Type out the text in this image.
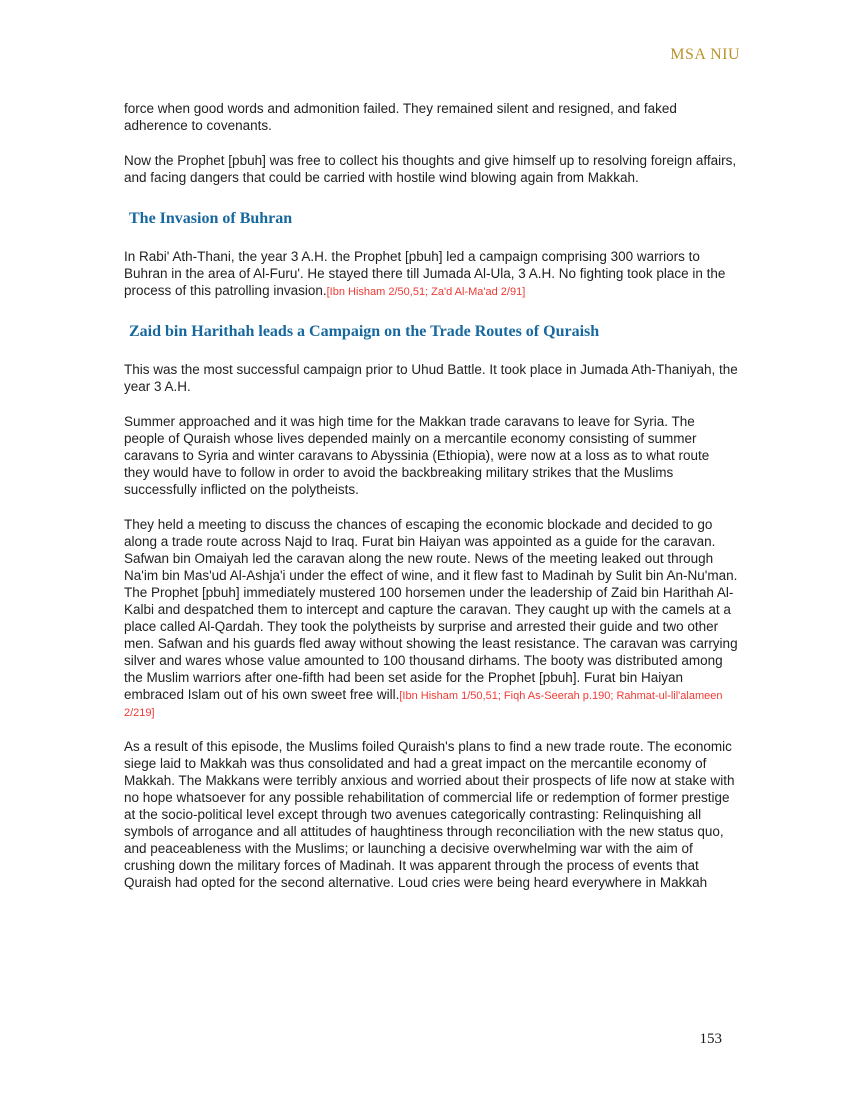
MSA NIU

force when good words and admonition failed. They remained silent and resigned, and faked adherence to covenants.

Now the Prophet [pbuh] was free to collect his thoughts and give himself up to resolving foreign affairs, and facing dangers that could be carried with hostile wind blowing again from Makkah.

The Invasion of Buhran

In Rabi' Ath-Thani, the year 3 A.H. the Prophet [pbuh] led a campaign comprising 300 warriors to Buhran in the area of Al-Furu'. He stayed there till Jumada Al-Ula, 3 A.H. No fighting took place in the process of this patrolling invasion.[Ibn Hisham 2/50,51; Za'd Al-Ma'ad 2/91]

Zaid bin Harithah leads a Campaign on the Trade Routes of Quraish

This was the most successful campaign prior to Uhud Battle. It took place in Jumada Ath-Thaniyah, the year 3 A.H.

Summer approached and it was high time for the Makkan trade caravans to leave for Syria. The people of Quraish whose lives depended mainly on a mercantile economy consisting of summer caravans to Syria and winter caravans to Abyssinia (Ethiopia), were now at a loss as to what route they would have to follow in order to avoid the backbreaking military strikes that the Muslims successfully inflicted on the polytheists.

They held a meeting to discuss the chances of escaping the economic blockade and decided to go along a trade route across Najd to Iraq. Furat bin Haiyan was appointed as a guide for the caravan. Safwan bin Omaiyah led the caravan along the new route. News of the meeting leaked out through Na'im bin Mas'ud Al-Ashja'i under the effect of wine, and it flew fast to Madinah by Sulit bin An-Nu'man. The Prophet [pbuh] immediately mustered 100 horsemen under the leadership of Zaid bin Harithah Al-Kalbi and despatched them to intercept and capture the caravan. They caught up with the camels at a place called Al-Qardah. They took the polytheists by surprise and arrested their guide and two other men. Safwan and his guards fled away without showing the least resistance. The caravan was carrying silver and wares whose value amounted to 100 thousand dirhams. The booty was distributed among the Muslim warriors after one-fifth had been set aside for the Prophet [pbuh]. Furat bin Haiyan embraced Islam out of his own sweet free will.[Ibn Hisham 1/50,51; Fiqh As-Seerah p.190; Rahmat-ul-lil'alameen 2/219]

As a result of this episode, the Muslims foiled Quraish's plans to find a new trade route. The economic siege laid to Makkah was thus consolidated and had a great impact on the mercantile economy of Makkah. The Makkans were terribly anxious and worried about their prospects of life now at stake with no hope whatsoever for any possible rehabilitation of commercial life or redemption of former prestige at the socio-political level except through two avenues categorically contrasting: Relinquishing all symbols of arrogance and all attitudes of haughtiness through reconciliation with the new status quo, and peaceableness with the Muslims; or launching a decisive overwhelming war with the aim of crushing down the military forces of Madinah. It was apparent through the process of events that Quraish had opted for the second alternative. Loud cries were being heard everywhere in Makkah

153
